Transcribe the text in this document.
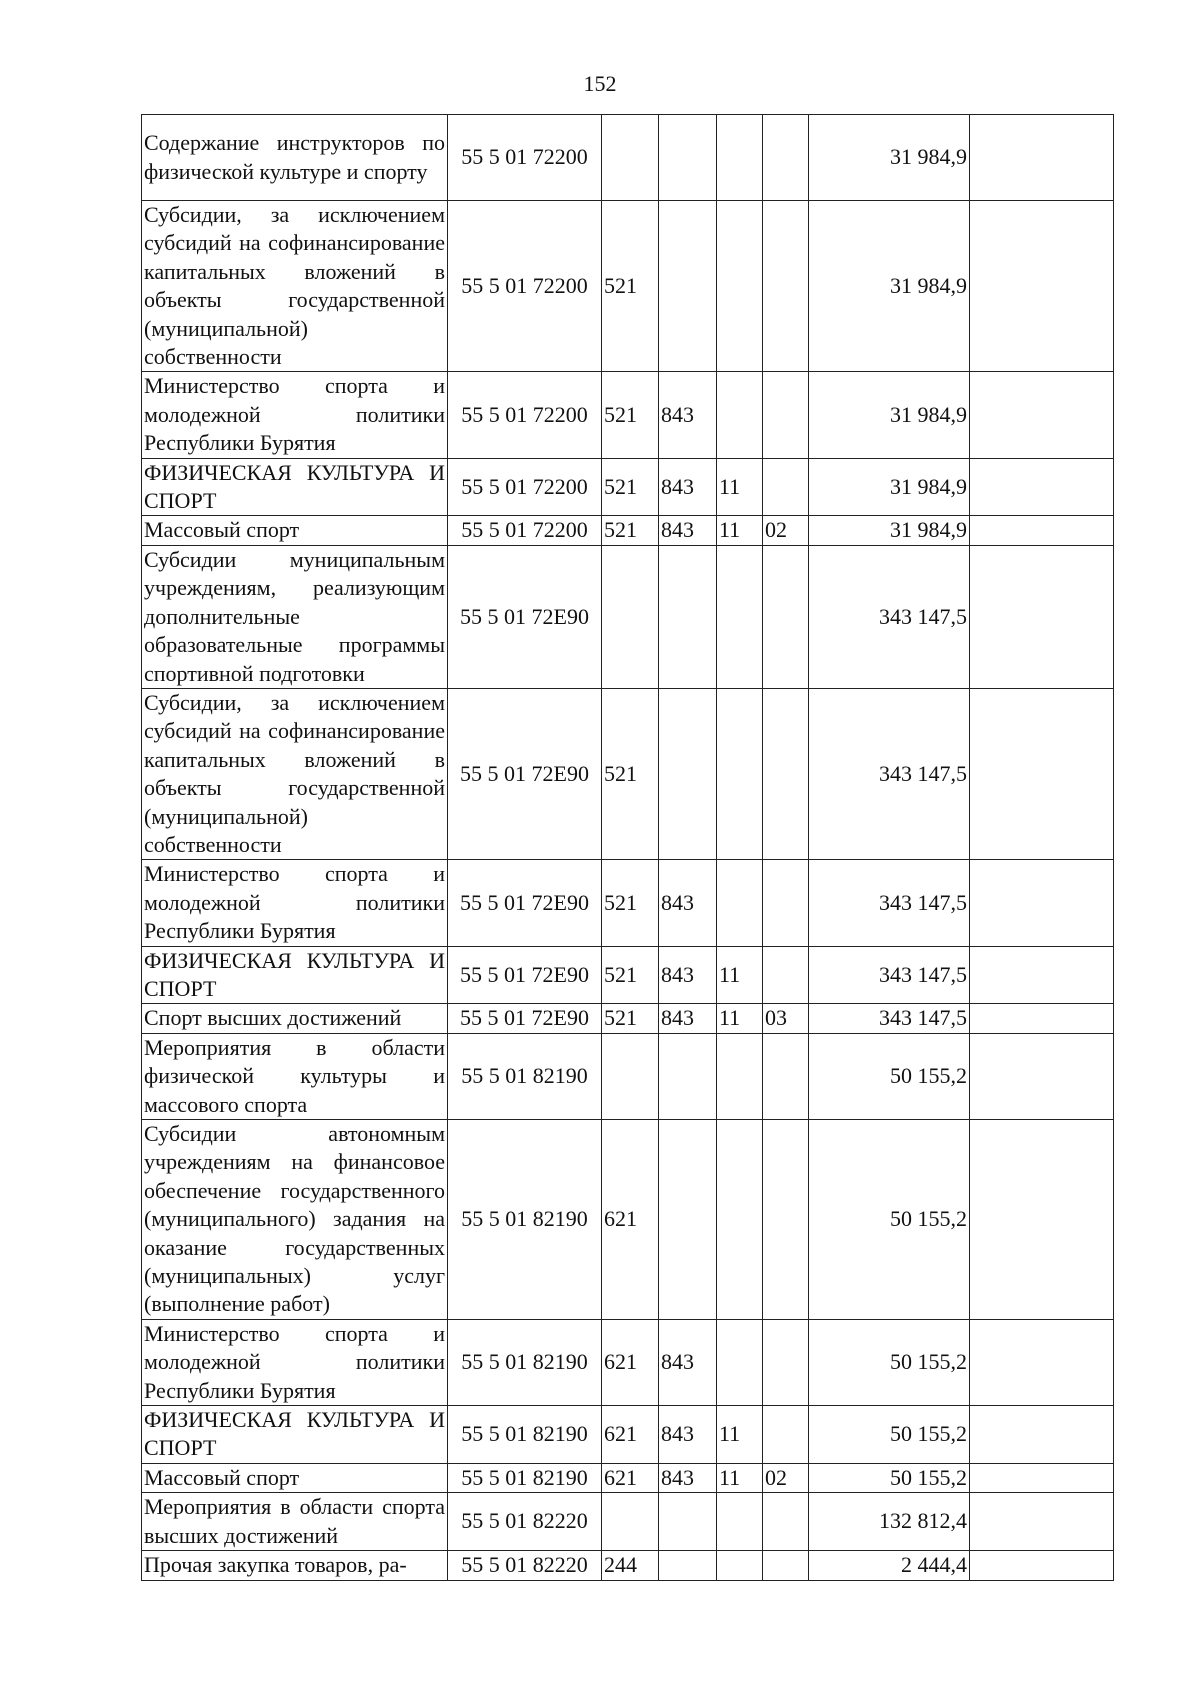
152
Содержание инструкторов по физической культуре и спорту	55 5 01 72200					31 984,9	
Субсидии, за исключением субсидий на софинансирование капитальных вложений в объекты государственной (муниципальной) собственности	55 5 01 72200	521				31 984,9	
Министерство спорта и молодежной политики Республики Бурятия	55 5 01 72200	521	843			31 984,9	
ФИЗИЧЕСКАЯ КУЛЬТУРА И СПОРТ	55 5 01 72200	521	843	11		31 984,9	
Массовый спорт	55 5 01 72200	521	843	11	02	31 984,9	
Субсидии муниципальным учреждениям, реализующим дополнительные образовательные программы спортивной подготовки	55 5 01 72Е90					343 147,5	
Субсидии, за исключением субсидий на софинансирование капитальных вложений в объекты государственной (муниципальной) собственности	55 5 01 72Е90	521				343 147,5	
Министерство спорта и молодежной политики Республики Бурятия	55 5 01 72Е90	521	843			343 147,5	
ФИЗИЧЕСКАЯ КУЛЬТУРА И СПОРТ	55 5 01 72Е90	521	843	11		343 147,5	
Спорт высших достижений	55 5 01 72Е90	521	843	11	03	343 147,5	
Мероприятия в области физической культуры и массового спорта	55 5 01 82190					50 155,2	
Субсидии автономным учреждениям на финансовое обеспечение государственного (муниципального) задания на оказание государственных (муниципальных) услуг (выполнение работ)	55 5 01 82190	621				50 155,2	
Министерство спорта и молодежной политики Республики Бурятия	55 5 01 82190	621	843			50 155,2	
ФИЗИЧЕСКАЯ КУЛЬТУРА И СПОРТ	55 5 01 82190	621	843	11		50 155,2	
Массовый спорт	55 5 01 82190	621	843	11	02	50 155,2	
Мероприятия в области спорта высших достижений	55 5 01 82220					132 812,4	
Прочая закупка товаров, ра-	55 5 01 82220	244				2 444,4	
